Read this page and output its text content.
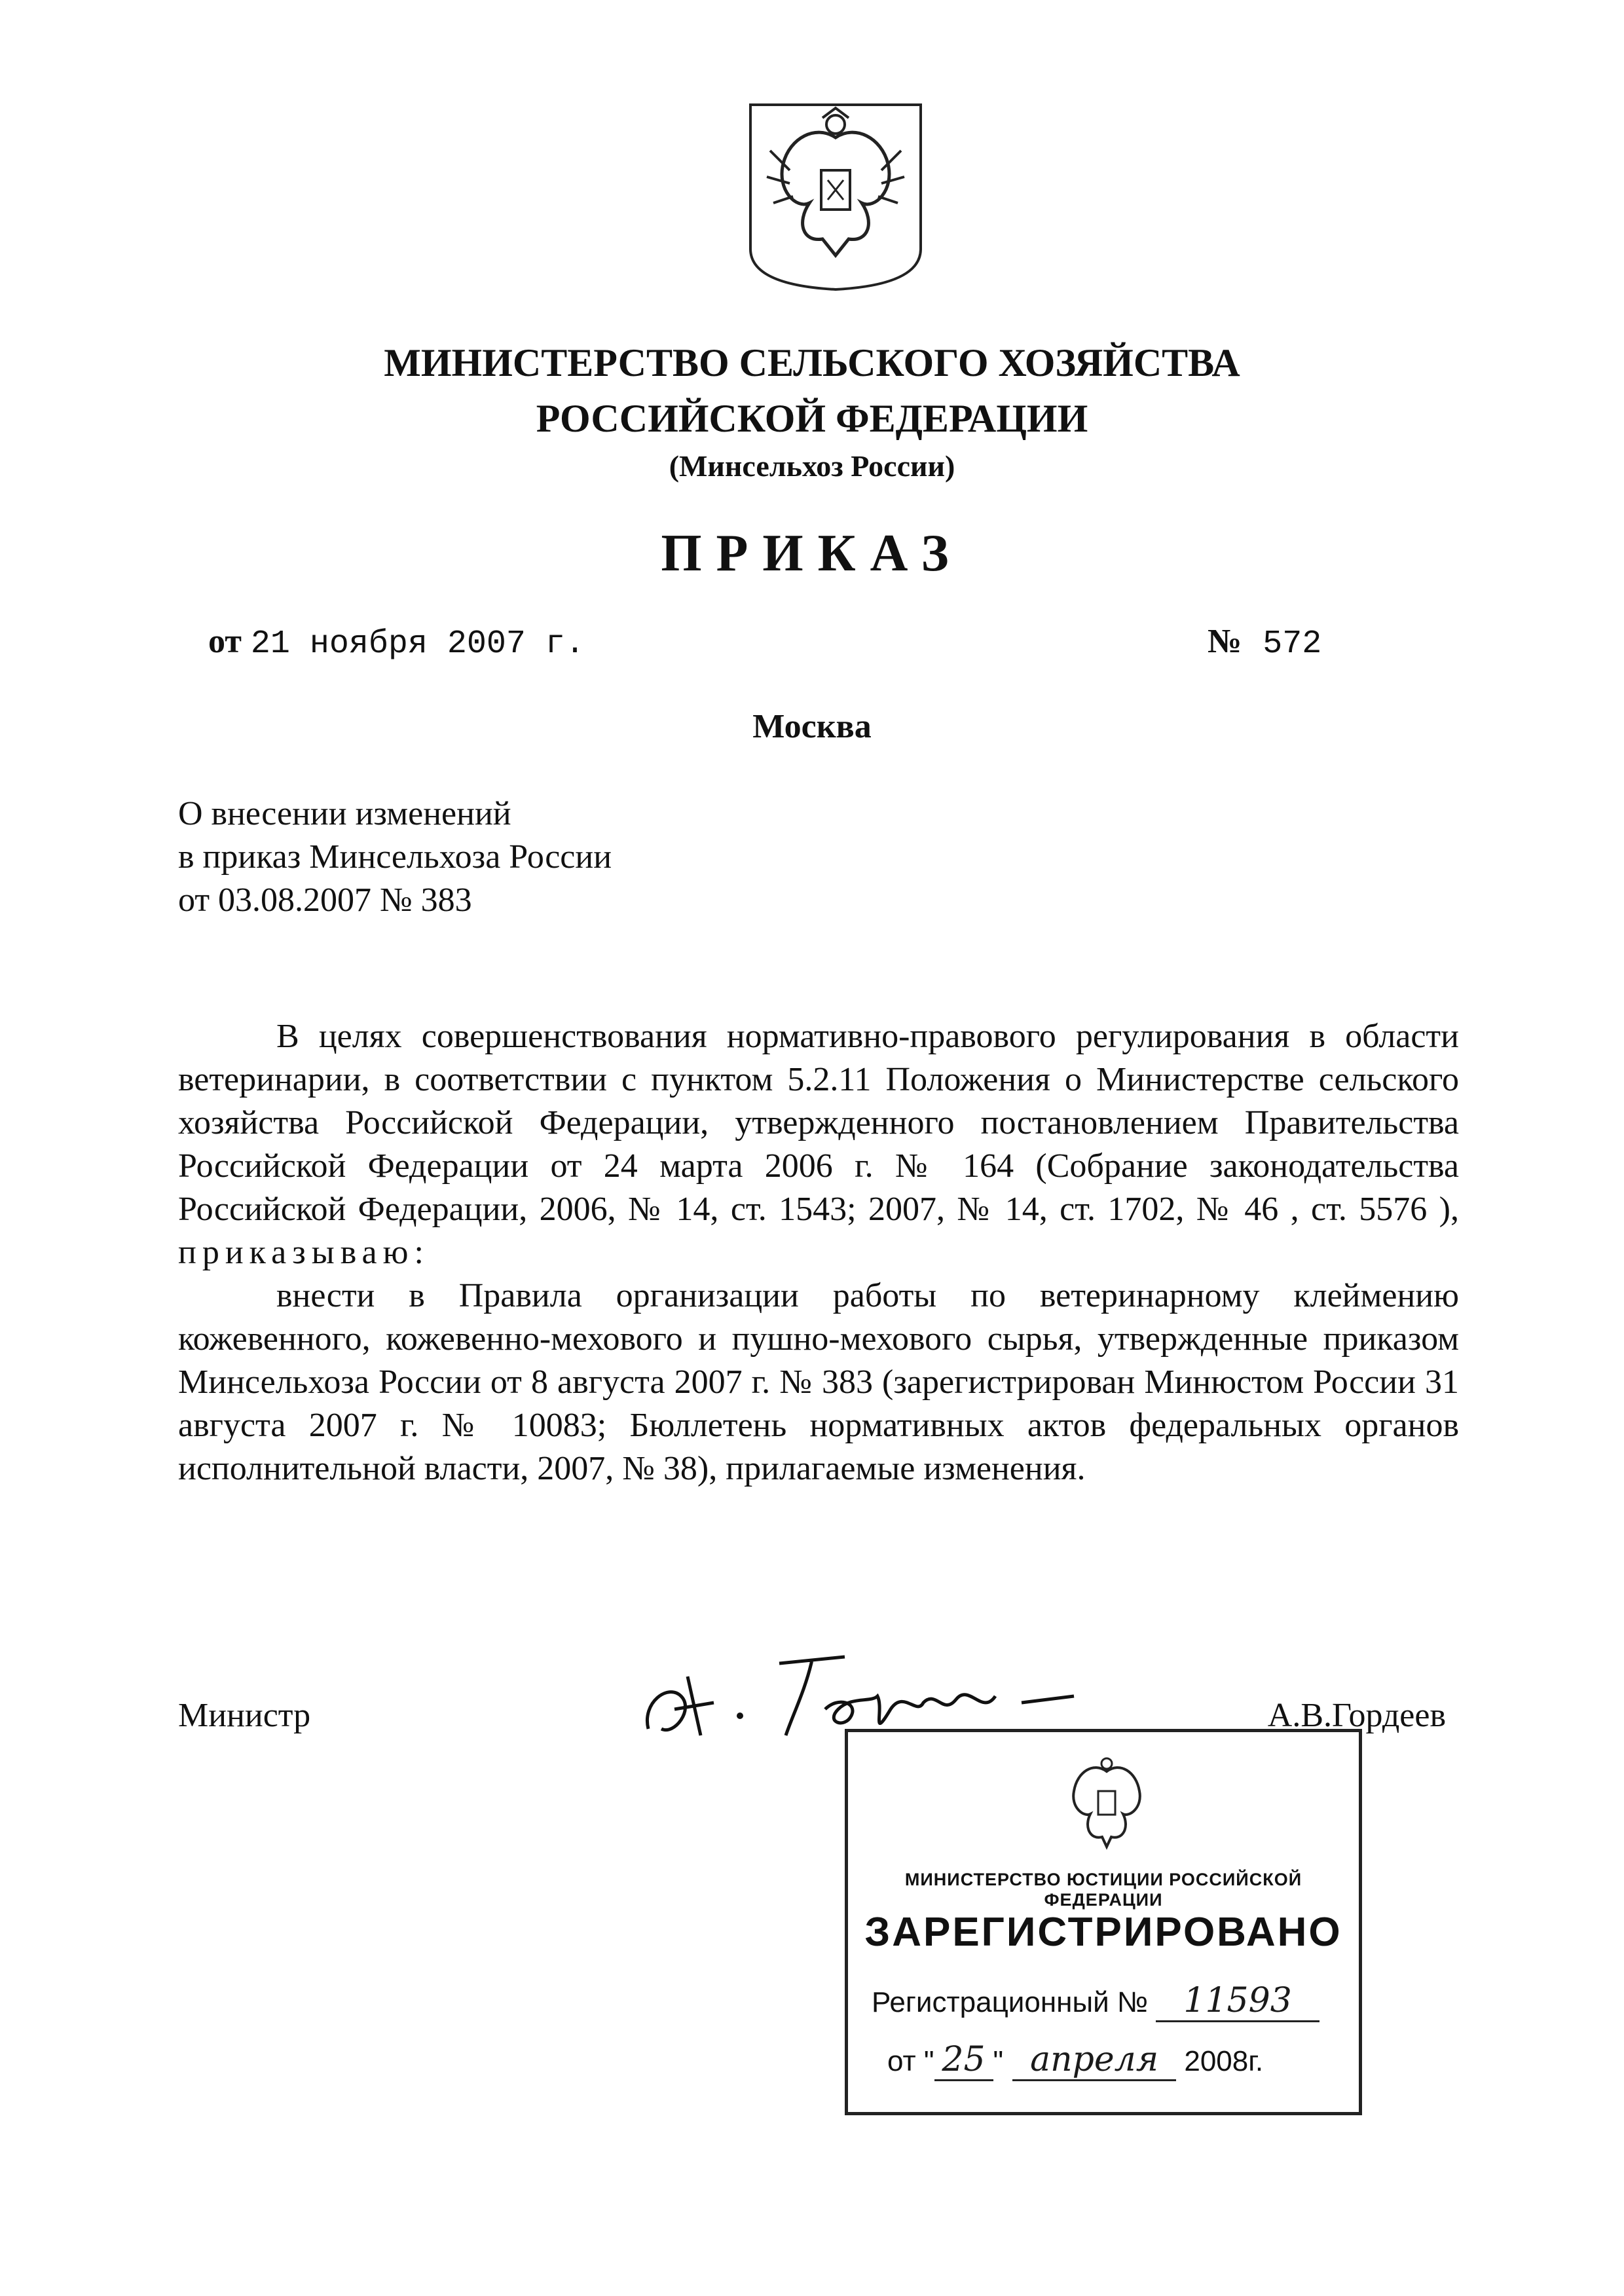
МИНИСТЕРСТВО СЕЛЬСКОГО ХОЗЯЙСТВА
РОССИЙСКОЙ ФЕДЕРАЦИИ
(Минсельхоз России)
ПРИКАЗ
от 21 ноября 2007 г.	№ 572
Москва
О внесении изменений
в приказ Минсельхоза России
от 03.08.2007 № 383

В целях совершенствования нормативно-правового регулирования в области ветеринарии, в соответствии с пунктом 5.2.11 Положения о Министерстве сельского хозяйства Российской Федерации, утвержденного постановлением Правительства Российской Федерации от 24 марта 2006 г. № 164 (Собрание законодательства Российской Федерации, 2006, № 14, ст. 1543; 2007, № 14, ст. 1702, № 46 , ст. 5576 ), приказываю:

внести в Правила организации работы по ветеринарному клеймению кожевенного, кожевенно-мехового и пушно-мехового сырья, утвержденные приказом Минсельхоза России от 8 августа 2007 г. № 383 (зарегистрирован Минюстом России 31 августа 2007 г. № 10083; Бюллетень нормативных актов федеральных органов исполнительной власти, 2007, № 38), прилагаемые изменения.

Министр	А.В.Гордеев
МИНИСТЕРСТВО ЮСТИЦИИ РОССИЙСКОЙ ФЕДЕРАЦИИ
ЗАРЕГИСТРИРОВАНО
Регистрационный № 11593
от " 25 " апреля 2008г.
